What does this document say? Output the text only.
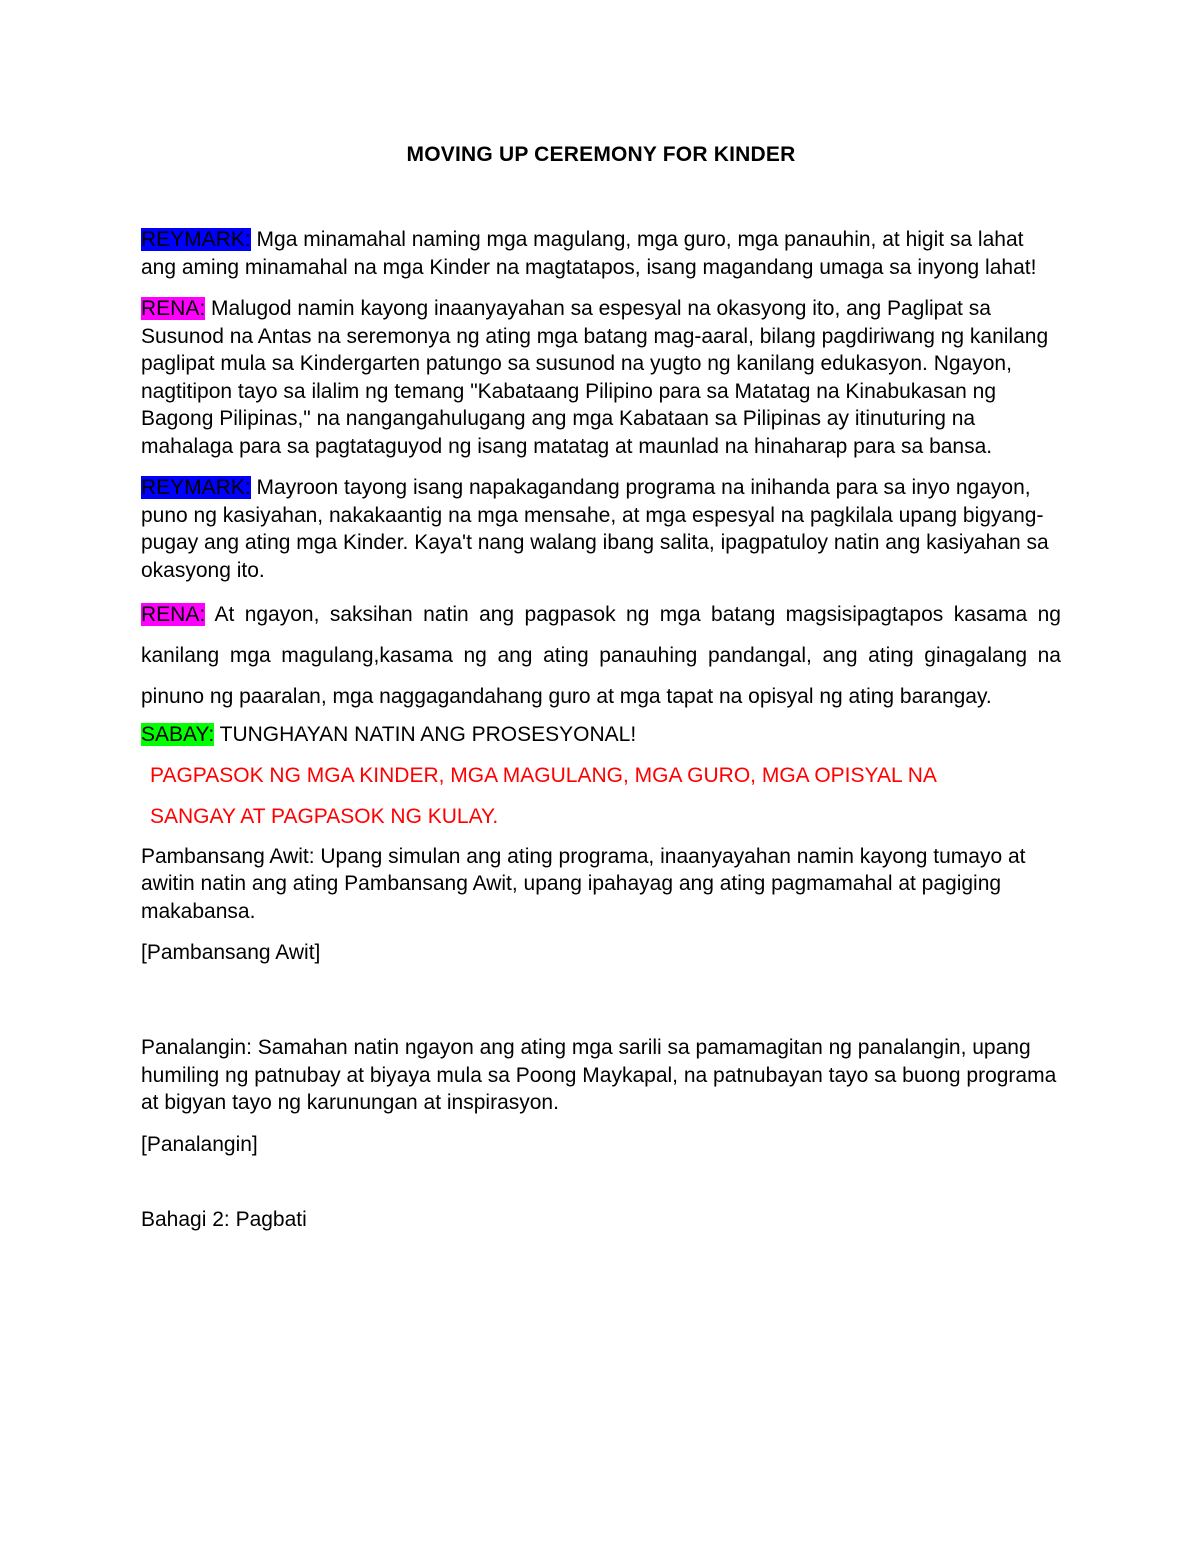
MOVING UP CEREMONY FOR KINDER

REYMARK: Mga minamahal naming mga magulang, mga guro, mga panauhin, at higit sa lahat ang aming minamahal na mga Kinder na magtatapos, isang magandang umaga sa inyong lahat!

RENA: Malugod namin kayong inaanyayahan sa espesyal na okasyong ito, ang Paglipat sa Susunod na Antas na seremonya ng ating mga batang mag-aaral, bilang pagdiriwang ng kanilang paglipat mula sa Kindergarten patungo sa susunod na yugto ng kanilang edukasyon. Ngayon, nagtitipon tayo sa ilalim ng temang "Kabataang Pilipino para sa Matatag na Kinabukasan ng Bagong Pilipinas," na nangangahulugang ang mga Kabataan sa Pilipinas ay itinuturing na mahalaga para sa pagtataguyod ng isang matatag at maunlad na hinaharap para sa bansa.

REYMARK: Mayroon tayong isang napakagandang programa na inihanda para sa inyo ngayon, puno ng kasiyahan, nakakaantig na mga mensahe, at mga espesyal na pagkilala upang bigyang-pugay ang ating mga Kinder. Kaya't nang walang ibang salita, ipagpatuloy natin ang kasiyahan sa okasyong ito.

RENA: At ngayon, saksihan natin ang pagpasok ng mga batang magsisipagtapos kasama ng kanilang mga magulang,kasama ng ang ating panauhing pandangal, ang ating ginagalang na pinuno ng paaralan, mga naggagandahang guro at mga tapat na opisyal ng ating barangay.

SABAY: TUNGHAYAN NATIN ANG PROSESYONAL!

PAGPASOK NG MGA KINDER, MGA MAGULANG, MGA GURO, MGA OPISYAL NA
SANGAY AT PAGPASOK NG KULAY.

Pambansang Awit: Upang simulan ang ating programa, inaanyayahan namin kayong tumayo at awitin natin ang ating Pambansang Awit, upang ipahayag ang ating pagmamahal at pagiging makabansa.

[Pambansang Awit]

Panalangin: Samahan natin ngayon ang ating mga sarili sa pamamagitan ng panalangin, upang humiling ng patnubay at biyaya mula sa Poong Maykapal, na patnubayan tayo sa buong programa at bigyan tayo ng karunungan at inspirasyon.

[Panalangin]

Bahagi 2: Pagbati
